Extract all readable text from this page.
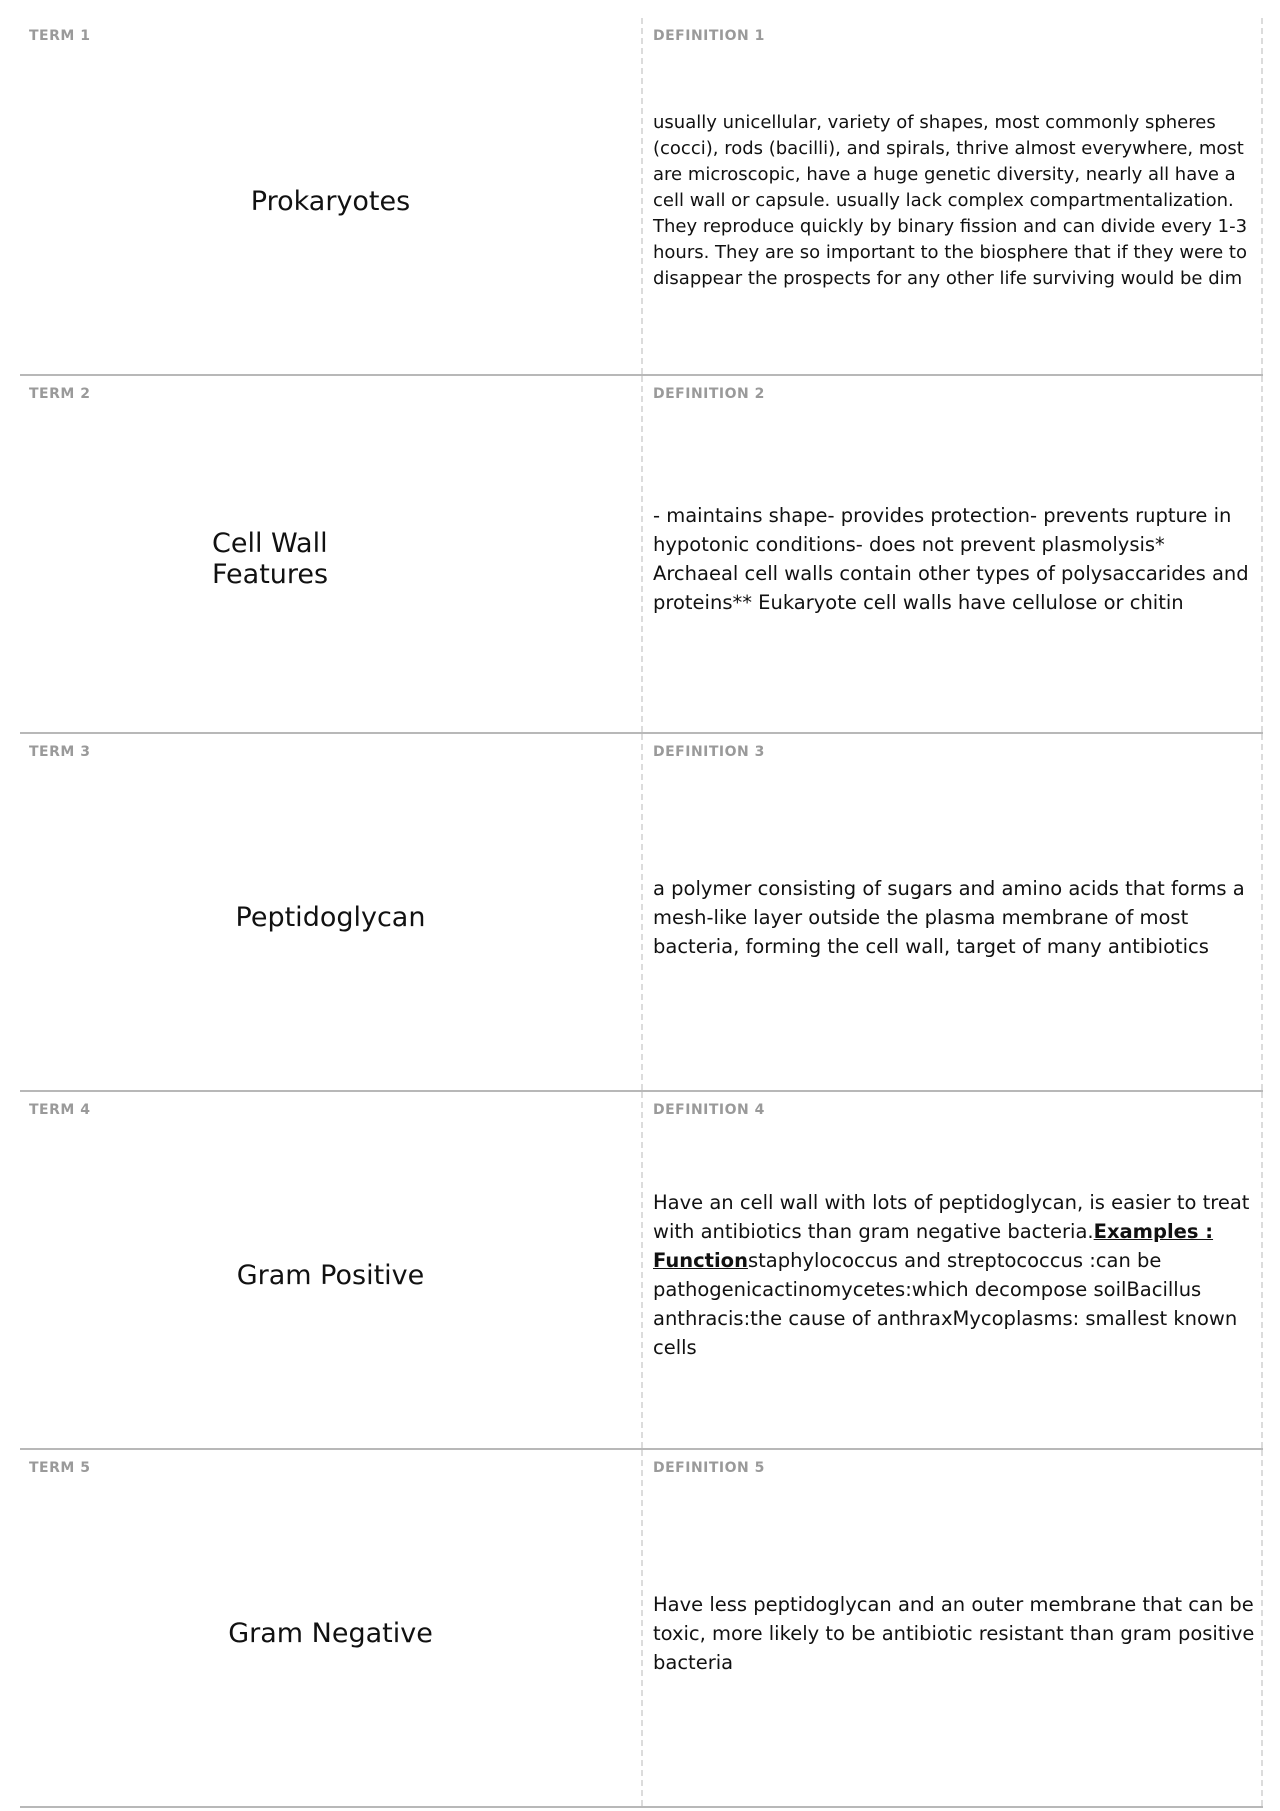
TERM 1
Prokaryotes
DEFINITION 1
usually unicellular, variety of shapes, most commonly spheres (cocci), rods (bacilli), and spirals, thrive almost everywhere, most are microscopic, have a huge genetic diversity, nearly all have a cell wall or capsule. usually lack complex compartmentalization. They reproduce quickly by binary fission and can divide every 1-3 hours. They are so important to the biosphere that if they were to disappear the prospects for any other life surviving would be dim
TERM 2
Cell Wall
Features
DEFINITION 2
- maintains shape- provides protection- prevents rupture in hypotonic conditions- does not prevent plasmolysis* Archaeal cell walls contain other types of polysaccarides and proteins** Eukaryote cell walls have cellulose or chitin
TERM 3
Peptidoglycan
DEFINITION 3
a polymer consisting of sugars and amino acids that forms a mesh-like layer outside the plasma membrane of most bacteria, forming the cell wall, target of many antibiotics
TERM 4
Gram Positive
DEFINITION 4
Have an cell wall with lots of peptidoglycan, is easier to treat with antibiotics than gram negative bacteria.Examples : Functionstaphylococcus and streptococcus :can be pathogenicactinomycetes:which decompose soilBacillus anthracis:the cause of anthraxMycoplasms: smallest known cells
TERM 5
Gram Negative
DEFINITION 5
Have less peptidoglycan and an outer membrane that can be toxic, more likely to be antibiotic resistant than gram positive bacteria
